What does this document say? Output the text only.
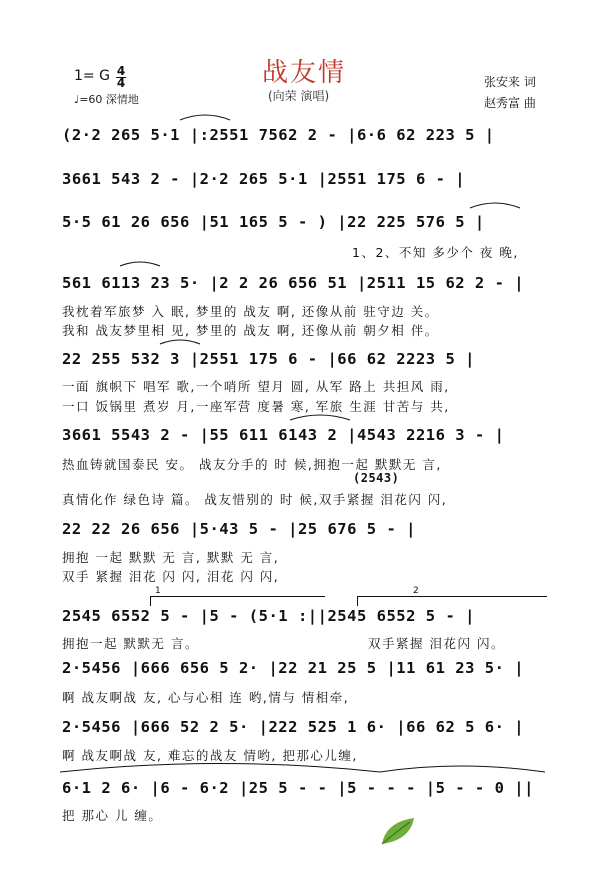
战友情
(向荣 演唱)
1= G 4
4
♩=60 深情地
张安来 词
赵秀富 曲
(2·2 265 5·1 |:2551 7562 2 - |6·6 62 223 5 |
3661 543 2 - |2·2 265 5·1 |2551 175 6 - |
5·5 61 26 656 |51 165 5 - ) |22 225 576 5 |
1、2、不知 多少个 夜 晚,
561 6113 23 5· |2 2 26 656 51 |2511 15 62 2 - |
我枕着军旅梦 入 眠, 梦里的 战友 啊, 还像从前 驻守边 关。
我和 战友梦里相 见, 梦里的 战友 啊, 还像从前 朝夕相 伴。
22 255 532 3 |2551 175 6 - |66 62 2223 5 |
一面 旗帜下 唱军 歌,一个哨所 望月 圆, 从军 路上 共担风 雨,
一口 饭锅里 煮岁 月,一座军营 度暑 寒, 军旅 生涯 甘苦与 共,
3661 5543 2 - |55 611 6143 2 |4543 2216 3 - |
热血铸就国泰民 安。 战友分手的 时 候,拥抱一起 默默无 言,
(2543)
真情化作 绿色诗 篇。 战友惜别的 时 候,双手紧握 泪花闪 闪,
22 22 26 656 |5·43 5 - |25 676 5 - |
拥抱 一起 默默 无 言, 默默 无 言,
双手 紧握 泪花 闪 闪, 泪花 闪 闪,
1	2
2545 6552 5 - |5 - (5·1 :||2545 6552 5 - |
拥抱一起 默默无 言。	双手紧握 泪花闪 闪。
2·5456 |666 656 5 2· |22 21 25 5 |11 61 23 5· |
啊 战友啊战 友, 心与心相 连 哟,情与 情相牵,
2·5456 |666 52 2 5· |222 525 1 6· |66 62 5 6· |
啊 战友啊战 友, 难忘的战友 情哟, 把那心儿缠,
6·1 2 6· |6 - 6·2 |25 5 - - |5 - - - |5 - - 0 ||
把 那心 儿 缠。
